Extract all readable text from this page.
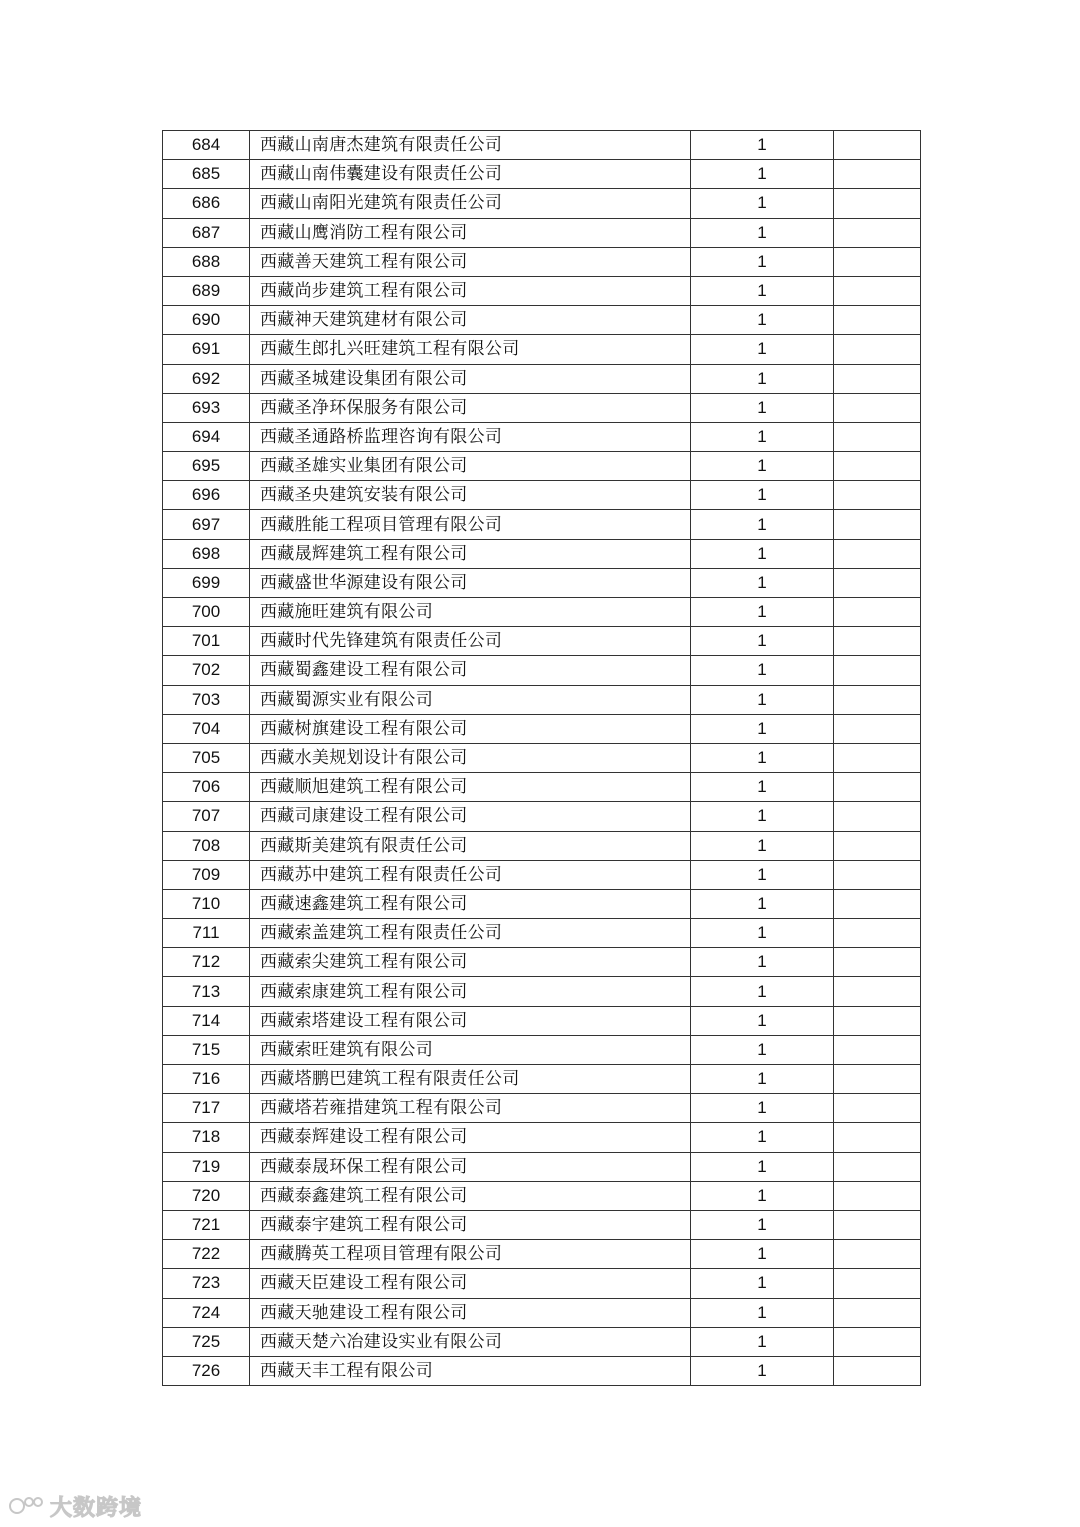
684	西藏山南唐杰建筑有限责任公司	1	
685	西藏山南伟囊建设有限责任公司	1	
686	西藏山南阳光建筑有限责任公司	1	
687	西藏山鹰消防工程有限公司	1	
688	西藏善天建筑工程有限公司	1	
689	西藏尚步建筑工程有限公司	1	
690	西藏神天建筑建材有限公司	1	
691	西藏生郎扎兴旺建筑工程有限公司	1	
692	西藏圣城建设集团有限公司	1	
693	西藏圣净环保服务有限公司	1	
694	西藏圣通路桥监理咨询有限公司	1	
695	西藏圣雄实业集团有限公司	1	
696	西藏圣央建筑安装有限公司	1	
697	西藏胜能工程项目管理有限公司	1	
698	西藏晟辉建筑工程有限公司	1	
699	西藏盛世华源建设有限公司	1	
700	西藏施旺建筑有限公司	1	
701	西藏时代先锋建筑有限责任公司	1	
702	西藏蜀鑫建设工程有限公司	1	
703	西藏蜀源实业有限公司	1	
704	西藏树旗建设工程有限公司	1	
705	西藏水美规划设计有限公司	1	
706	西藏顺旭建筑工程有限公司	1	
707	西藏司康建设工程有限公司	1	
708	西藏斯美建筑有限责任公司	1	
709	西藏苏中建筑工程有限责任公司	1	
710	西藏速鑫建筑工程有限公司	1	
711	西藏索盖建筑工程有限责任公司	1	
712	西藏索尖建筑工程有限公司	1	
713	西藏索康建筑工程有限公司	1	
714	西藏索塔建设工程有限公司	1	
715	西藏索旺建筑有限公司	1	
716	西藏塔鹏巴建筑工程有限责任公司	1	
717	西藏塔若雍措建筑工程有限公司	1	
718	西藏泰辉建设工程有限公司	1	
719	西藏泰晟环保工程有限公司	1	
720	西藏泰鑫建筑工程有限公司	1	
721	西藏泰宇建筑工程有限公司	1	
722	西藏腾英工程项目管理有限公司	1	
723	西藏天臣建设工程有限公司	1	
724	西藏天驰建设工程有限公司	1	
725	西藏天楚六冶建设实业有限公司	1	
726	西藏天丰工程有限公司	1	
大数跨境
